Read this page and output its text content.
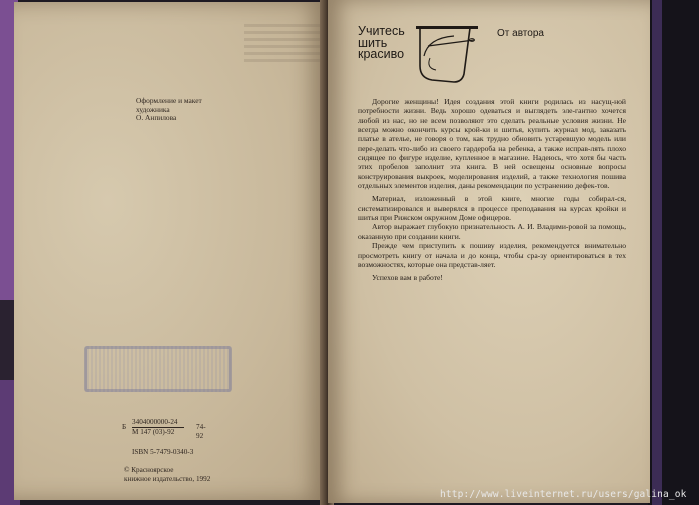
Оформление и макет
художника
О. Анпилова
Б
3404000000-24
М 147 (03)-92
74-92
ISBN 5-7479-0340-3
© Красноярское
книжное издательство, 1992
Учитесь
шить
красиво
От автора

Дорогие женщины! Идея создания этой книги родилась из насущ-ной потребности жизни. Ведь хорошо одеваться и выглядеть эле-гантно хочется любой из нас, но не всем позволяют это сделать реальные условия жизни. Не всегда можно окончить курсы крой-ки и шитья, купить журнал мод, заказать платье в ателье, не говоря о том, как трудно обновить устаревшую модель или пере-делать что-либо из своего гардероба на ребенка, а также исправ-лять плохо сидящее по фигуре изделие, купленное в магазине. Надеюсь, что хотя бы часть этих пробелов заполнит эта книга. В ней освещены основные вопросы конструирования выкроек, моделирования изделий, а также технология пошива отдельных элементов изделия, даны рекомендации по устранению дефек-тов.

Материал, изложенный в этой книге, многие годы собирал-ся, систематизировался и выверялся в процессе преподавания на курсах кройки и шитья при Рижском окружном Доме офицеров.

Автор выражает глубокую признательность А. И. Владими-ровой за помощь, оказанную при создании книги.

Прежде чем приступить к пошиву изделия, рекомендуется внимательно просмотреть книгу от начала и до конца, чтобы сра-зу ориентироваться в тех возможностях, которые она представ-ляет.

Успехов вам в работе!

http://www.liveinternet.ru/users/galina_ok
